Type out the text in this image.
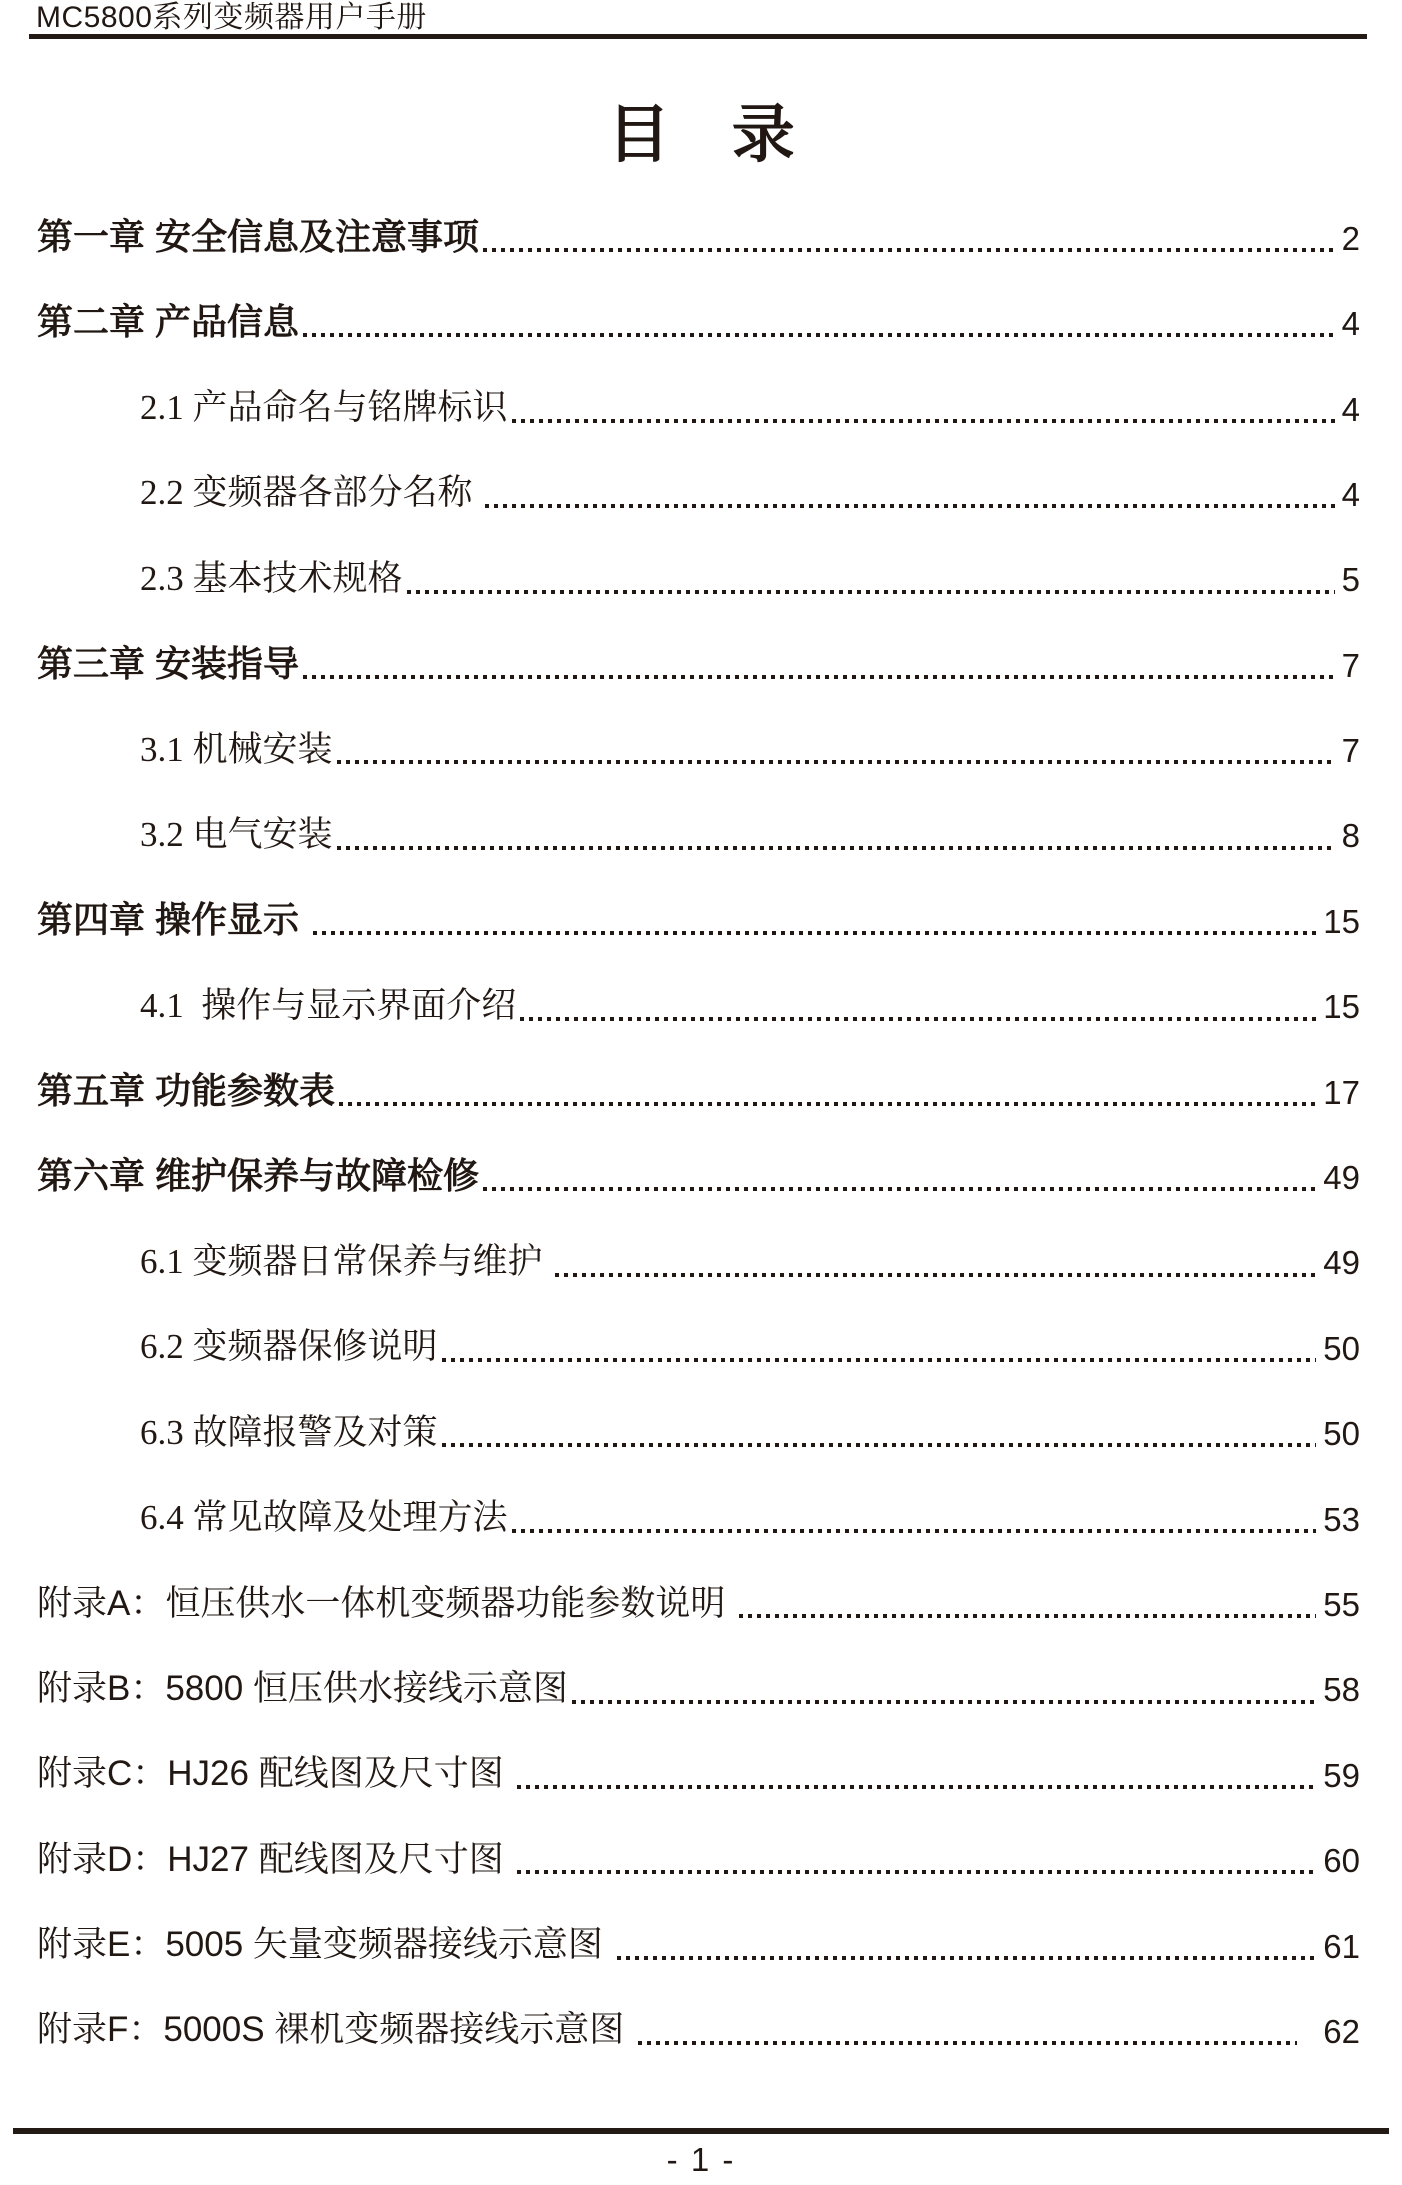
MC5800系列变频器用户手册
目 录
第一章 安全信息及注意事项	2
第二章 产品信息	4
2.1 产品命名与铭牌标识	4
2.2 变频器各部分名称	4
2.3 基本技术规格	5
第三章 安装指导	7
3.1 机械安装	7
3.2 电气安装	8
第四章 操作显示	15
4.1  操作与显示界面介绍	15
第五章 功能参数表	17
第六章 维护保养与故障检修	49
6.1 变频器日常保养与维护	49
6.2 变频器保修说明	50
6.3 故障报警及对策	50
6.4 常见故障及处理方法	53
附录A：恒压供水一体机变频器功能参数说明	55
附录B：5800 恒压供水接线示意图	58
附录C：HJ26 配线图及尺寸图	59
附录D：HJ27 配线图及尺寸图	60
附录E：5005 矢量变频器接线示意图	61
附录F：5000S 裸机变频器接线示意图	62
- 1 -
